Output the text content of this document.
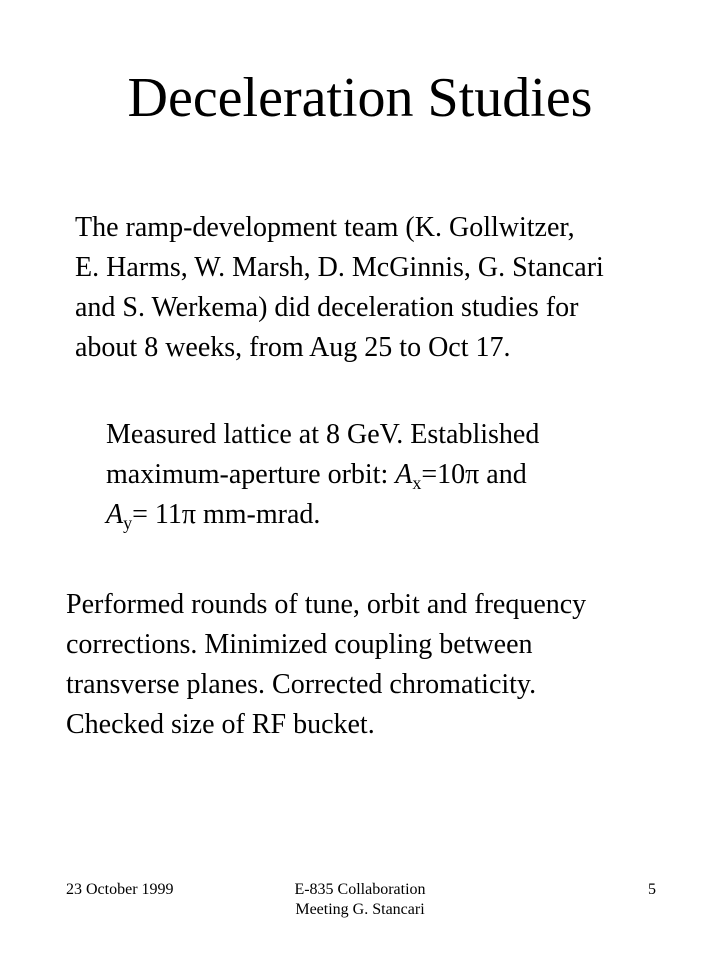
Deceleration Studies

The ramp-development team (K. Gollwitzer,
E. Harms, W. Marsh, D. McGinnis, G. Stancari
and S. Werkema) did deceleration studies for
about 8 weeks, from Aug 25 to Oct 17.

Measured lattice at 8 GeV. Established
maximum-aperture orbit: $A_x=10\pi$ and
$A_y= 11\pi$ mm-mrad.

Performed rounds of tune, orbit and frequency
corrections. Minimized coupling between
transverse planes. Corrected chromaticity.
Checked size of RF bucket.

23 October 1999	E-835 Collaboration
Meeting G. Stancari
5
